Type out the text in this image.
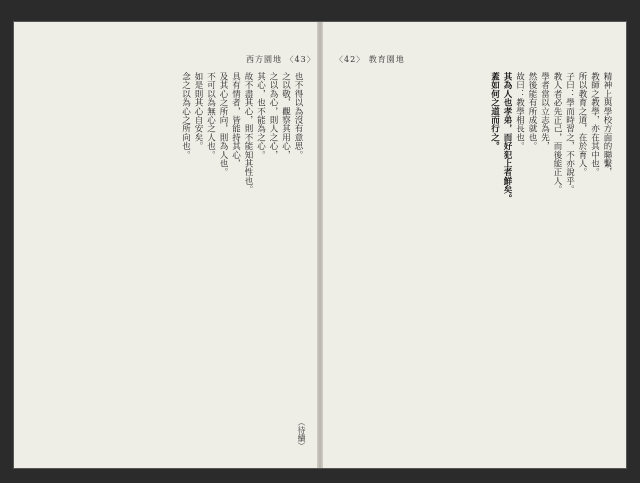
西方園地 〈43〉
也不得以為沒有意思。
之以敬，觀察其用心，
之以為心，則人之心，
其心，也不能為之心。
故不盡其心，則不能知其性也。
具有情者，皆能持其心，
及其心之所向，則為人也。
不可以為無心之人也。
如是則其心自安矣。
念之以為心之所向也。
（待續）
〈42〉 教育園地
精神上與學校方面的聯繫，
教師之教學，亦在其中也。
所以教育之道，在於育人。
子曰：學而時習之，不亦說乎。
教人者必先正己，而後能正人。
學者當以立志為先，
然後能有所成就也。
故曰：教學相長也。
其為人也孝弟，而好犯上者鮮矣。
蓋如何之道而行之。
